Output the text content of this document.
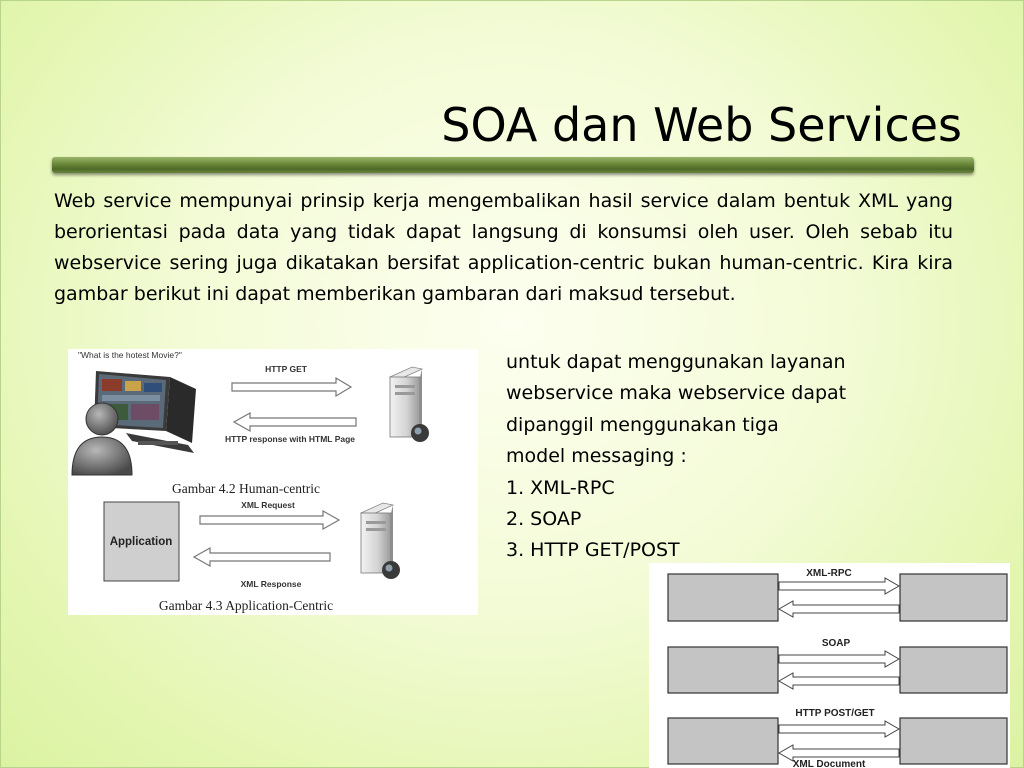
SOA dan Web Services

Web service mempunyai prinsip kerja mengembalikan hasil service dalam bentuk XML yang berorientasi pada data yang tidak dapat langsung di konsumsi oleh user. Oleh sebab itu webservice sering juga dikatakan bersifat application-centric bukan human-centric. Kira kira gambar berikut ini dapat memberikan gambaran dari maksud tersebut.

"What is the hotest Movie?"
HTTP GET
HTTP response with HTML Page
Gambar 4.2 Human-centric
Application
XML Request
XML Response
Gambar 4.3 Application-Centric
untuk dapat menggunakan layanan
webservice maka webservice dapat
dipanggil menggunakan tiga
model messaging :
1. XML-RPC
2. SOAP
3. HTTP GET/POST
XML-RPC
SOAP
HTTP POST/GET
XML Document
